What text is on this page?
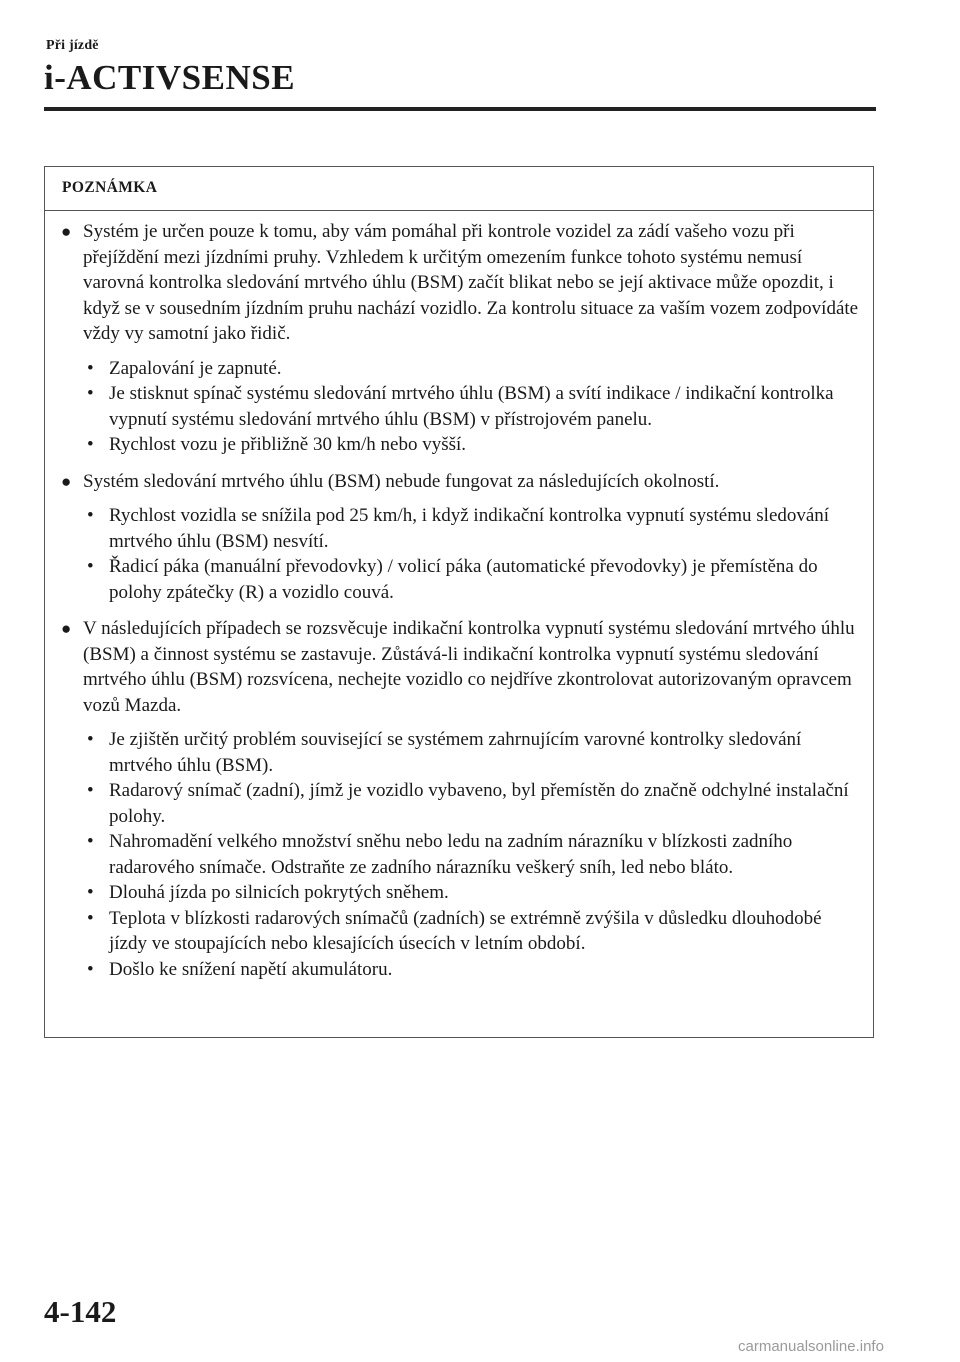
Při jízdě
i-ACTIVSENSE
POZNÁMKA
● Systém je určen pouze k tomu, aby vám pomáhal při kontrole vozidel za zádí vašeho vozu při přejíždění mezi jízdními pruhy. Vzhledem k určitým omezením funkce tohoto systému nemusí varovná kontrolka sledování mrtvého úhlu (BSM) začít blikat nebo se její aktivace může opozdit, i když se v sousedním jízdním pruhu nachází vozidlo. Za kontrolu situace za vaším vozem zodpovídáte vždy vy samotní jako řidič.
• Zapalování je zapnuté.
• Je stisknut spínač systému sledování mrtvého úhlu (BSM) a svítí indikace / indikační kontrolka vypnutí systému sledování mrtvého úhlu (BSM) v přístrojovém panelu.
• Rychlost vozu je přibližně 30 km/h nebo vyšší.
● Systém sledování mrtvého úhlu (BSM) nebude fungovat za následujících okolností.
• Rychlost vozidla se snížila pod 25 km/h, i když indikační kontrolka vypnutí systému sledování mrtvého úhlu (BSM) nesvítí.
• Řadicí páka (manuální převodovky) / volicí páka (automatické převodovky) je přemístěna do polohy zpátečky (R) a vozidlo couvá.
● V následujících případech se rozsvěcuje indikační kontrolka vypnutí systému sledování mrtvého úhlu (BSM) a činnost systému se zastavuje. Zůstává-li indikační kontrolka vypnutí systému sledování mrtvého úhlu (BSM) rozsvícena, nechejte vozidlo co nejdříve zkontrolovat autorizovaným opravcem vozů Mazda.
• Je zjištěn určitý problém související se systémem zahrnujícím varovné kontrolky sledování mrtvého úhlu (BSM).
• Radarový snímač (zadní), jímž je vozidlo vybaveno, byl přemístěn do značně odchylné instalační polohy.
• Nahromadění velkého množství sněhu nebo ledu na zadním nárazníku v blízkosti zadního radarového snímače. Odstraňte ze zadního nárazníku veškerý sníh, led nebo bláto.
• Dlouhá jízda po silnicích pokrytých sněhem.
• Teplota v blízkosti radarových snímačů (zadních) se extrémně zvýšila v důsledku dlouhodobé jízdy ve stoupajících nebo klesajících úsecích v letním období.
• Došlo ke snížení napětí akumulátoru.
4-142
carmanualsonline.info
